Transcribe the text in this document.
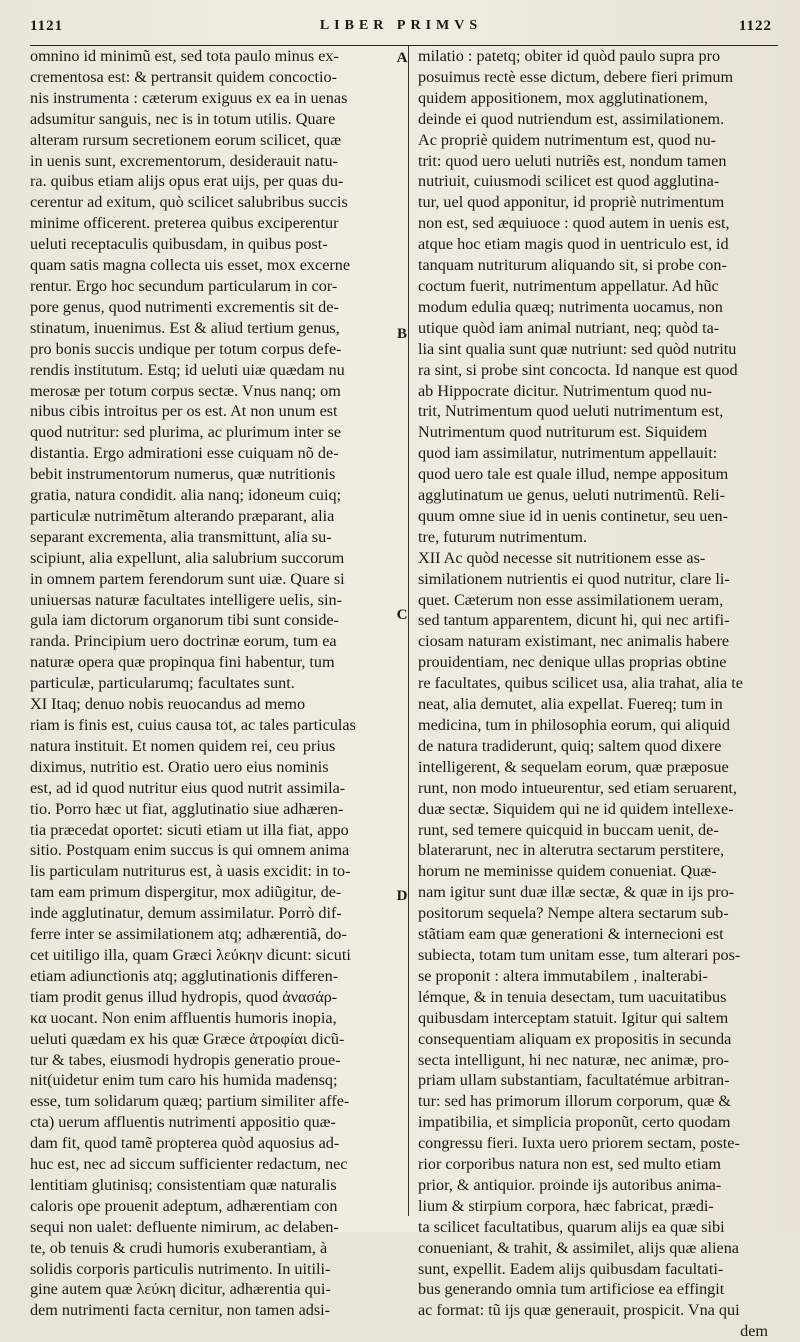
1121	LIBER PRIMVS	1122
omnino id minimũ est, sed tota paulo minus ex-
crementosa est: & pertransit quidem concoctio-
nis instrumenta : cæterum exiguus ex ea in uenas
adsumitur sanguis, nec is in totum utilis. Quare
alteram rursum secretionem eorum scilicet, quæ
in uenis sunt, excrementorum, desiderauit natu-
ra. quibus etiam alijs opus erat uijs, per quas du-
cerentur ad exitum, quò scilicet salubribus succis
minime officerent. preterea quibus exciperentur
ueluti receptaculis quibusdam, in quibus post-
quam satis magna collecta uis esset, mox excerne
rentur. Ergo hoc secundum particularum in cor-
pore genus, quod nutrimenti excrementis sit de-
stinatum, inuenimus. Est & aliud tertium genus,
pro bonis succis undique per totum corpus defe-
rendis institutum. Estq; id ueluti uiæ quædam nu
merosæ per totum corpus sectæ. Vnus nanq; om
nibus cibis introitus per os est. At non unum est
quod nutritur: sed plurima, ac plurimum inter se
distantia. Ergo admirationi esse cuiquam nõ de-
bebit instrumentorum numerus, quæ nutritionis
gratia, natura condidit. alia nanq; idoneum cuiq;
particulæ nutrimẽtum alterando præparant, alia
separant excrementa, alia transmittunt, alia su-
scipiunt, alia expellunt, alia salubrium succorum
in omnem partem ferendorum sunt uiæ. Quare si
uniuersas naturæ facultates intelligere uelis, sin-
gula iam dictorum organorum tibi sunt conside-
randa. Principium uero doctrinæ eorum, tum ea
naturæ opera quæ propinqua fini habentur, tum
particulæ, particularumq; facultates sunt.
XI Itaq; denuo nobis reuocandus ad memo
riam is finis est, cuius causa tot, ac tales particulas
natura instituit. Et nomen quidem rei, ceu prius
diximus, nutritio est. Oratio uero eius nominis
est, ad id quod nutritur eius quod nutrit assimila-
tio. Porro hæc ut fiat, agglutinatio siue adhæren-
tia præcedat oportet: sicuti etiam ut illa fiat, appo
sitio. Postquam enim succus is qui omnem anima
lis particulam nutriturus est, à uasis excidit: in to-
tam eam primum dispergitur, mox adiũgitur, de-
inde agglutinatur, demum assimilatur. Porrò dif-
ferre inter se assimilationem atq; adhærentiã, do-
cet uitiligo illa, quam Græci λεύκην dicunt: sicuti
etiam adiunctionis atq; agglutinationis differen-
tiam prodit genus illud hydropis, quod ἀνασάρ-
κα uocant. Non enim affluentis humoris inopia,
ueluti quædam ex his quæ Græce ἀτροφίαι dicũ-
tur & tabes, eiusmodi hydropis generatio proue-
nit(uidetur enim tum caro his humida madensq;
esse, tum solidarum quæq; partium similiter affe-
cta) uerum affluentis nutrimenti appositio quæ-
dam fit, quod tamẽ propterea quòd aquosius ad-
huc est, nec ad siccum sufficienter redactum, nec
lentitiam glutinisq; consistentiam quæ naturalis
caloris ope prouenit adeptum, adhærentiam con
sequi non ualet: defluente nimirum, ac delaben-
te, ob tenuis & crudi humoris exuberantiam, à
solidis corporis particulis nutrimento. In uitili-
gine autem quæ λεύκη dicitur, adhærentia qui-
dem nutrimenti facta cernitur, non tamen adsi-
milatio : patetq; obiter id quòd paulo supra pro
posuimus rectè esse dictum, debere fieri primum
quidem appositionem, mox agglutinationem,
deinde ei quod nutriendum est, assimilationem.
Ac propriè quidem nutrimentum est, quod nu-
trit: quod uero ueluti nutriẽs est, nondum tamen
nutriuit, cuiusmodi scilicet est quod agglutina-
tur, uel quod apponitur, id propriè nutrimentum
non est, sed æquiuoce : quod autem in uenis est,
atque hoc etiam magis quod in uentriculo est, id
tanquam nutriturum aliquando sit, si probe con-
coctum fuerit, nutrimentum appellatur. Ad hũc
modum edulia quæq; nutrimenta uocamus, non
utique quòd iam animal nutriant, neq; quòd ta-
lia sint qualia sunt quæ nutriunt: sed quòd nutritu
ra sint, si probe sint concocta. Id nanque est quod
ab Hippocrate dicitur. Nutrimentum quod nu-
trit, Nutrimentum quod ueluti nutrimentum est,
Nutrimentum quod nutriturum est. Siquidem
quod iam assimilatur, nutrimentum appellauit:
quod uero tale est quale illud, nempe appositum
agglutinatum ue genus, ueluti nutrimentũ. Reli-
quum omne siue id in uenis continetur, seu uen-
tre, futurum nutrimentum.
XII Ac quòd necesse sit nutritionem esse as-
similationem nutrientis ei quod nutritur, clare li-
quet. Cæterum non esse assimilationem ueram,
sed tantum apparentem, dicunt hi, qui nec artifi-
ciosam naturam existimant, nec animalis habere
prouidentiam, nec denique ullas proprias obtine
re facultates, quibus scilicet usa, alia trahat, alia te
neat, alia demutet, alia expellat. Fuereq; tum in
medicina, tum in philosophia eorum, qui aliquid
de natura tradiderunt, quiq; saltem quod dixere
intelligerent, & sequelam eorum, quæ præposue
runt, non modo intueurentur, sed etiam seruarent,
duæ sectæ. Siquidem qui ne id quidem intellexe-
runt, sed temere quicquid in buccam uenit, de-
blaterarunt, nec in alterutra sectarum perstitere,
horum ne meminisse quidem conueniat. Quæ-
nam igitur sunt duæ illæ sectæ, & quæ in ijs pro-
positorum sequela? Nempe altera sectarum sub-
stãtiam eam quæ generationi & internecioni est
subiecta, totam tum unitam esse, tum alterari pos-
se proponit : altera immutabilem , inalterabi-
lémque, & in tenuia desectam, tum uacuitatibus
quibusdam interceptam statuit. Igitur qui saltem
consequentiam aliquam ex propositis in secunda
secta intelligunt, hi nec naturæ, nec animæ, pro-
priam ullam substantiam, facultatémue arbitran-
tur: sed has primorum illorum corporum, quæ &
impatibilia, et simplicia proponũt, certo quodam
congressu fieri. Iuxta uero priorem sectam, poste-
rior corporibus natura non est, sed multo etiam
prior, & antiquior. proinde ijs autoribus anima-
lium & stirpium corpora, hæc fabricat, prædi-
ta scilicet facultatibus, quarum alijs ea quæ sibi
conueniant, & trahit, & assimilet, alijs quæ aliena
sunt, expellit. Eadem alijs quibusdam facultati-
bus generando omnia tum artificiose ea effingit
ac format: tũ ijs quæ generauit, prospicit. Vna qui
dem
A
B
C
D
